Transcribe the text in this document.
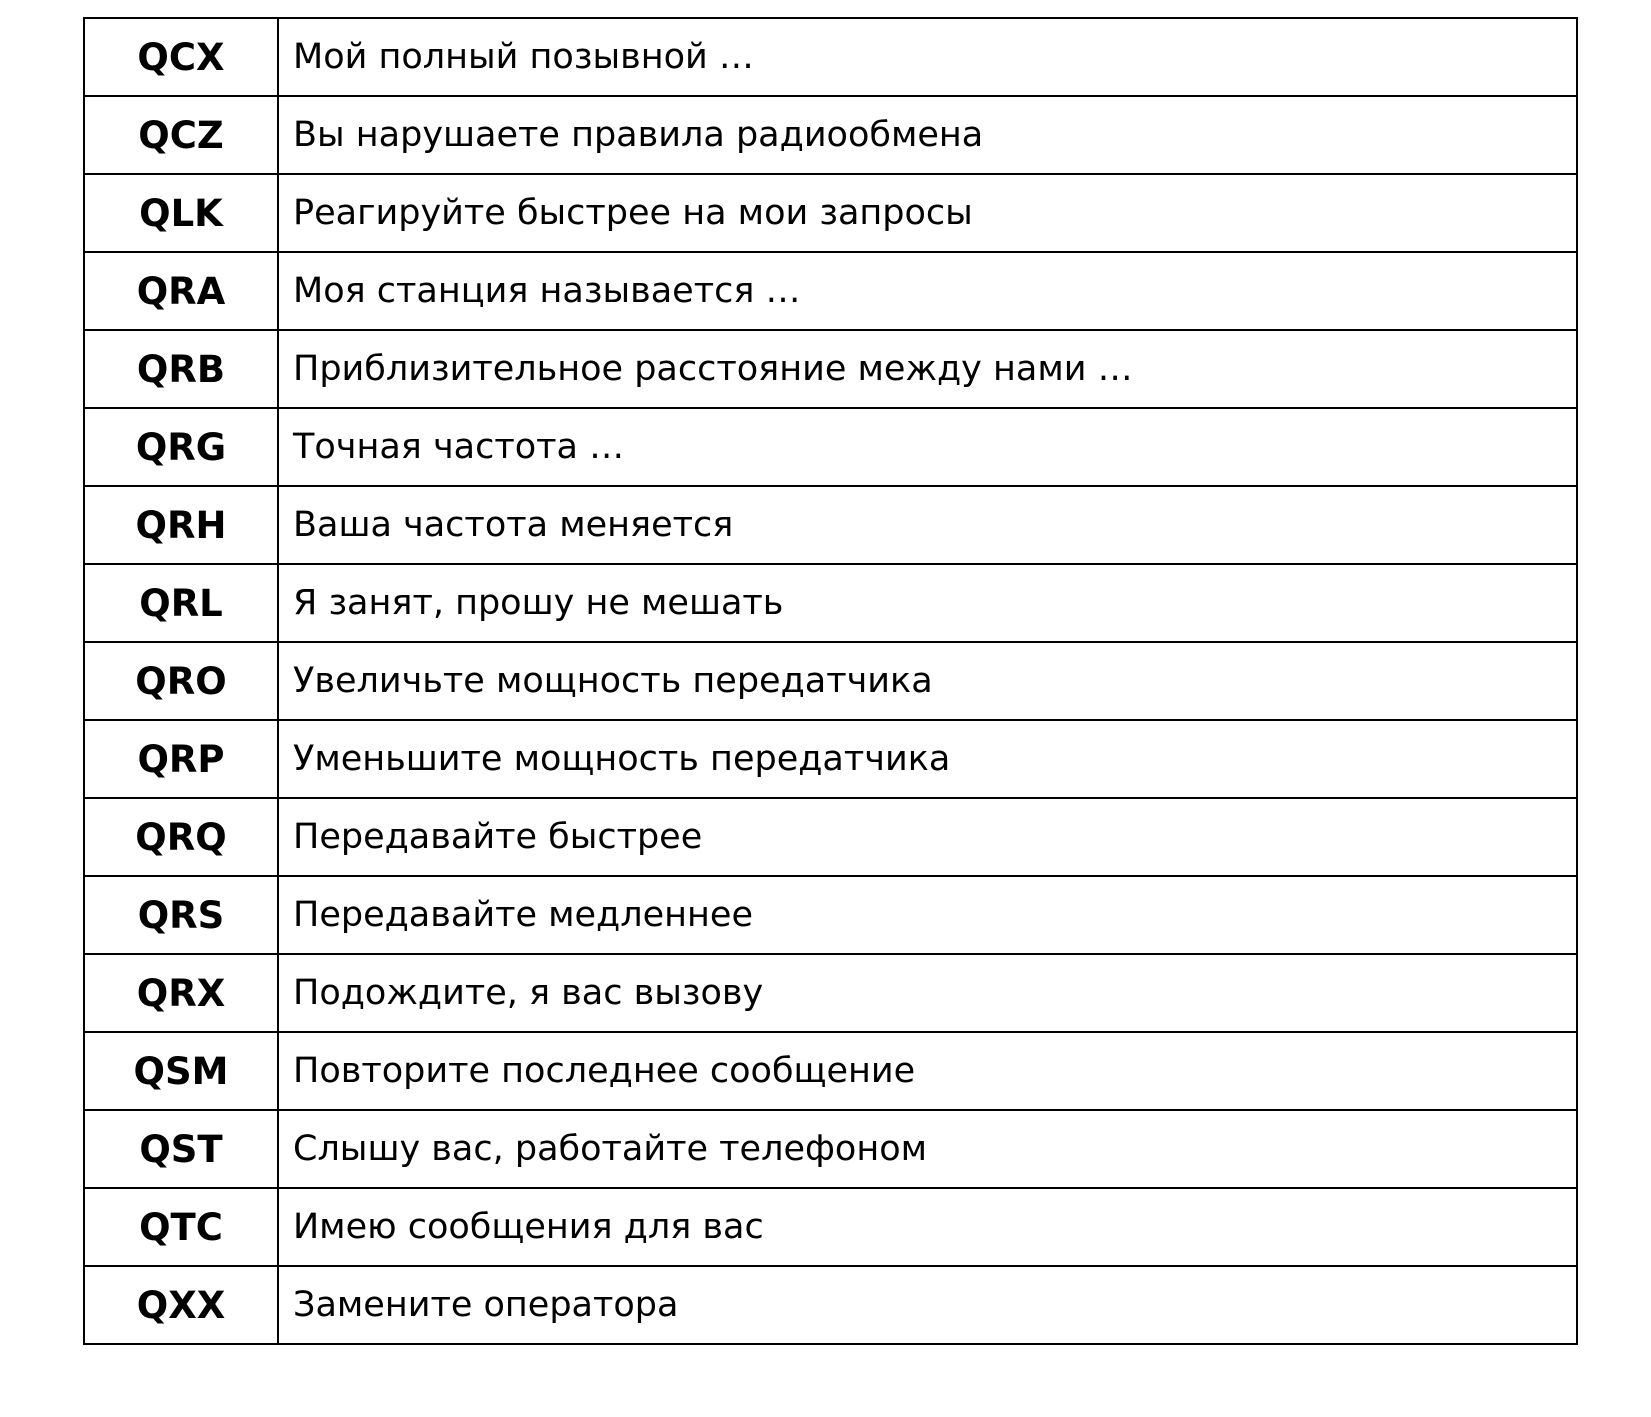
QCX	Мой полный позывной …
QCZ	Вы нарушаете правила радиообмена
QLK	Реагируйте быстрее на мои запросы
QRA	Моя станция называется …
QRB	Приблизительное расстояние между нами …
QRG	Точная частота …
QRH	Ваша частота меняется
QRL	Я занят, прошу не мешать
QRO	Увеличьте мощность передатчика
QRP	Уменьшите мощность передатчика
QRQ	Передавайте быстрее
QRS	Передавайте медленнее
QRX	Подождите, я вас вызову
QSM	Повторите последнее сообщение
QST	Слышу вас, работайте телефоном
QTC	Имею сообщения для вас
QXX	Замените оператора
